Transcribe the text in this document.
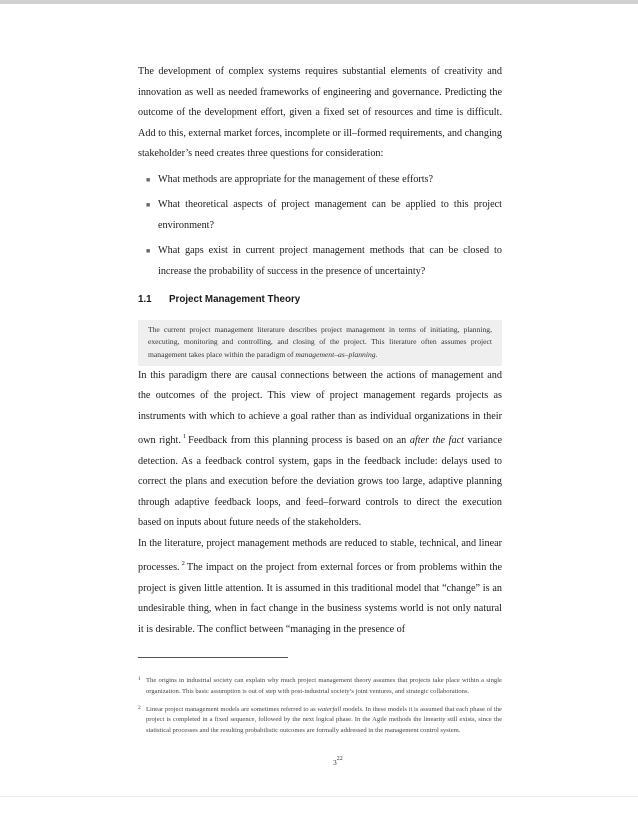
The development of complex systems requires substantial elements of creativity and innovation as well as needed frameworks of engineering and governance. Predicting the outcome of the development effort, given a fixed set of resources and time is difficult. Add to this, external market forces, incomplete or ill–formed requirements, and changing stakeholder’s need creates three questions for consideration:

■ What methods are appropriate for the management of these efforts?
■ What theoretical aspects of project management can be applied to this project environment?
■ What gaps exist in current project management methods that can be closed to increase the probability of success in the presence of uncertainty?
1.1	Project Management Theory
The current project management literature describes project management in terms of initiating, planning, executing, monitoring and controlling, and closing of the project. This literature often assumes project management takes place within the paradigm of management–as–planning.

In this paradigm there are causal connections between the actions of management and the outcomes of the project. This view of project management regards projects as instruments with which to achieve a goal rather than as individual organizations in their own right. $^1$ Feedback from this planning process is based on an after the fact variance detection. As a feedback control system, gaps in the feedback include: delays used to correct the plans and execution before the deviation grows too large, adaptive planning through adaptive feedback loops, and feed–forward controls to direct the execution based on inputs about future needs of the stakeholders.

In the literature, project management methods are reduced to stable, technical, and linear processes. $^2$ The impact on the project from external forces or from problems within the project is given little attention. It is assumed in this traditional model that “change” is an undesirable thing, when in fact change in the business systems world is not only natural it is desirable. The conflict between “managing in the presence of

1 The origins in industrial society can explain why much project management theory assumes that projects take place within a single organization. This basic assumption is out of step with post-industrial society’s joint ventures, and strategic collaborations.
2 Linear project management models are sometimes referred to as waterfall models. In these models it is assumed that each phase of the project is completed in a fixed sequence, followed by the next logical phase. In the Agile methods the linearity still exists, since the statistical processes and the resulting probabilistic outcomes are formally addressed in the management control system.
$3^{22}$
